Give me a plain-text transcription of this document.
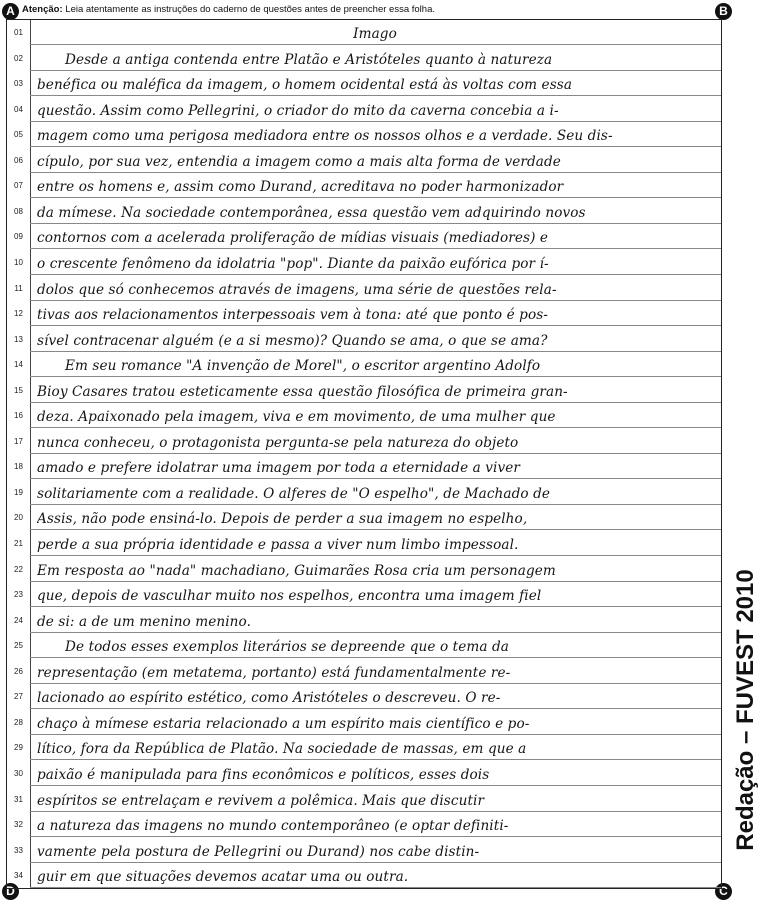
A	B
C
D
Atenção: Leia atentamente as instruções do caderno de questões antes de preencher essa folha.
01	Imago
02	Desde a antiga contenda entre Platão e Aristóteles quanto à natureza
03	benéfica ou maléfica da imagem, o homem ocidental está às voltas com essa
04	questão. Assim como Pellegrini, o criador do mito da caverna concebia a i-
05	magem como uma perigosa mediadora entre os nossos olhos e a verdade. Seu dis-
06	cípulo, por sua vez, entendia a imagem como a mais alta forma de verdade
07	entre os homens e, assim como Durand, acreditava no poder harmonizador
08	da mímese. Na sociedade contemporânea, essa questão vem adquirindo novos
09	contornos com a acelerada proliferação de mídias visuais (mediadores) e
10	o crescente fenômeno da idolatria "pop". Diante da paixão eufórica por í-
11	dolos que só conhecemos através de imagens, uma série de questões rela-
12	tivas aos relacionamentos interpessoais vem à tona: até que ponto é pos-
13	sível contracenar alguém (e a si mesmo)? Quando se ama, o que se ama?
14	Em seu romance "A invenção de Morel", o escritor argentino Adolfo
15	Bioy Casares tratou esteticamente essa questão filosófica de primeira gran-
16	deza. Apaixonado pela imagem, viva e em movimento, de uma mulher que
17	nunca conheceu, o protagonista pergunta-se pela natureza do objeto
18	amado e prefere idolatrar uma imagem por toda a eternidade a viver
19	solitariamente com a realidade. O alferes de "O espelho", de Machado de
20	Assis, não pode ensiná-lo. Depois de perder a sua imagem no espelho,
21	perde a sua própria identidade e passa a viver num limbo impessoal.
22	Em resposta ao "nada" machadiano, Guimarães Rosa cria um personagem
23	que, depois de vasculhar muito nos espelhos, encontra uma imagem fiel
24	de si: a de um menino menino.
25	De todos esses exemplos literários se depreende que o tema da
26	representação (em metatema, portanto) está fundamentalmente re-
27	lacionado ao espírito estético, como Aristóteles o descreveu. O re-
28	chaço à mímese estaria relacionado a um espírito mais científico e po-
29	lítico, fora da República de Platão. Na sociedade de massas, em que a
30	paixão é manipulada para fins econômicos e políticos, esses dois
31	espíritos se entrelaçam e revivem a polêmica. Mais que discutir
32	a natureza das imagens no mundo contemporâneo (e optar definiti-
33	vamente pela postura de Pellegrini ou Durand) nos cabe distin-
34	guir em que situações devemos acatar uma ou outra.
Redação – FUVEST 2010
